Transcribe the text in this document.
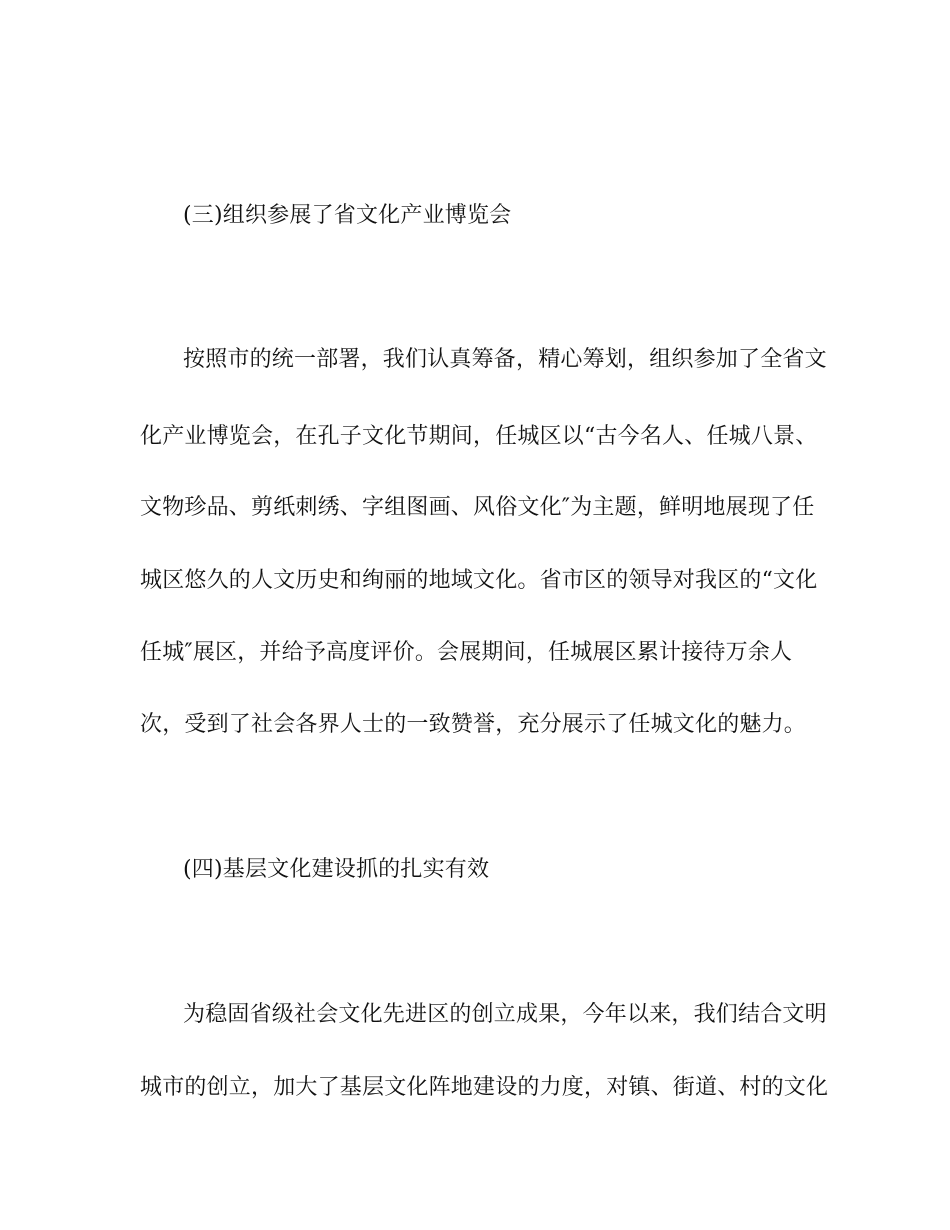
(三)组织参展了省文化产业博览会
按照市的统一部署，我们认真筹备，精心筹划，组织参加了全省文
化产业博览会，在孔子文化节期间，任城区以“古今名人、任城八景、
文物珍品、剪纸刺绣、字组图画、风俗文化″为主题，鲜明地展现了任
城区悠久的人文历史和绚丽的地域文化。省市区的领导对我区的“文化
任城″展区，并给予高度评价。会展期间，任城展区累计接待万余人
次，受到了社会各界人士的一致赞誉，充分展示了任城文化的魅力。
(四)基层文化建设抓的扎实有效
为稳固省级社会文化先进区的创立成果，今年以来，我们结合文明
城市的创立，加大了基层文化阵地建设的力度，对镇、街道、村的文化
